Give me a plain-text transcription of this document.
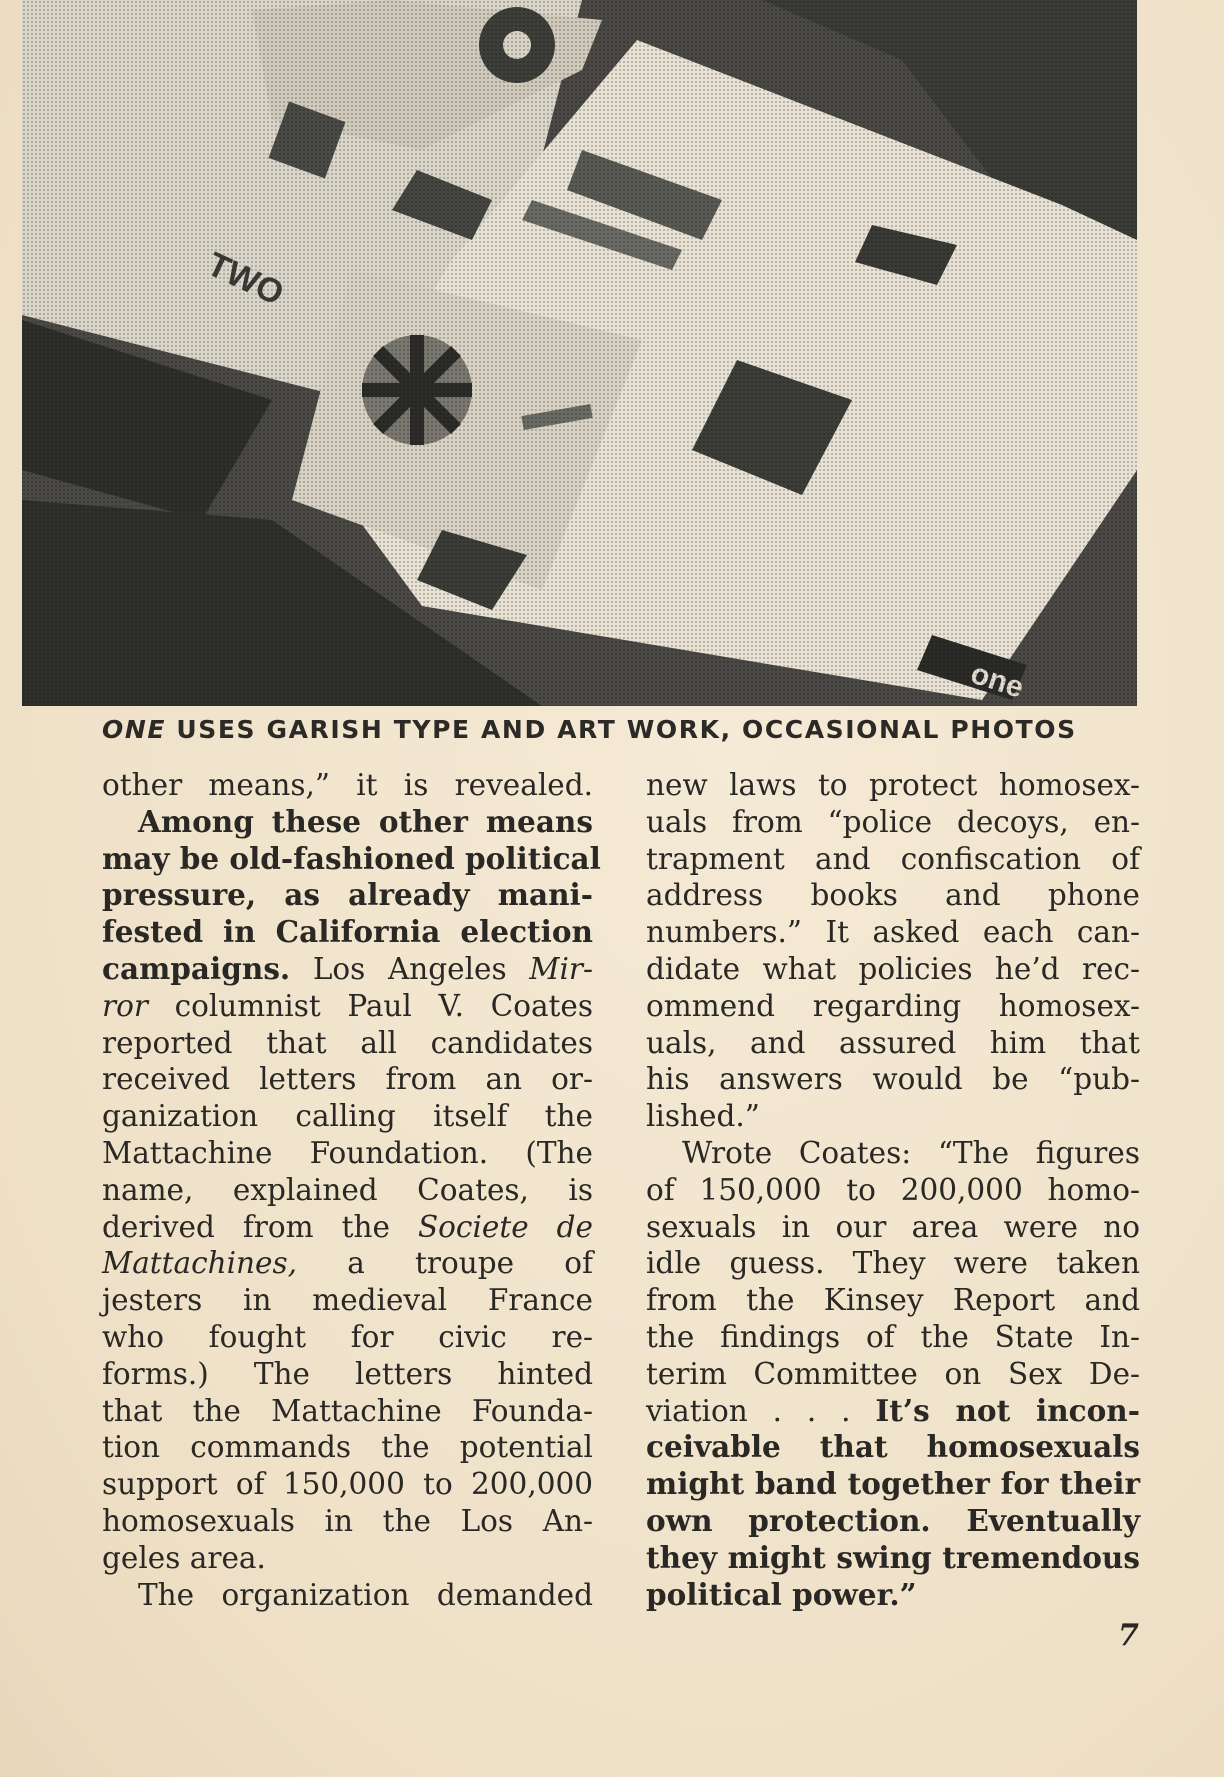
ONE USES GARISH TYPE AND ART WORK, OCCASIONAL PHOTOS
other means,” it is revealed.
Among these other means
may be old-fashioned political
pressure, as already mani-
fested in California election
campaigns. Los Angeles Mir-
ror columnist Paul V. Coates
reported that all candidates
received letters from an or-
ganization calling itself the
Mattachine Foundation. (The
name, explained Coates, is
derived from the Societe de
Mattachines, a troupe of
jesters in medieval France
who fought for civic re-
forms.) The letters hinted
that the Mattachine Founda-
tion commands the potential
support of 150,000 to 200,000
homosexuals in the Los An-
geles area.
The organization demanded
new laws to protect homosex-
uals from “police decoys, en-
trapment and confiscation of
address books and phone
numbers.” It asked each can-
didate what policies he’d rec-
ommend regarding homosex-
uals, and assured him that
his answers would be “pub-
lished.”
Wrote Coates: “The figures
of 150,000 to 200,000 homo-
sexuals in our area were no
idle guess. They were taken
from the Kinsey Report and
the findings of the State In-
terim Committee on Sex De-
viation . . . It’s not incon-
ceivable that homosexuals
might band together for their
own protection. Eventually
they might swing tremendous
political power.”
7
